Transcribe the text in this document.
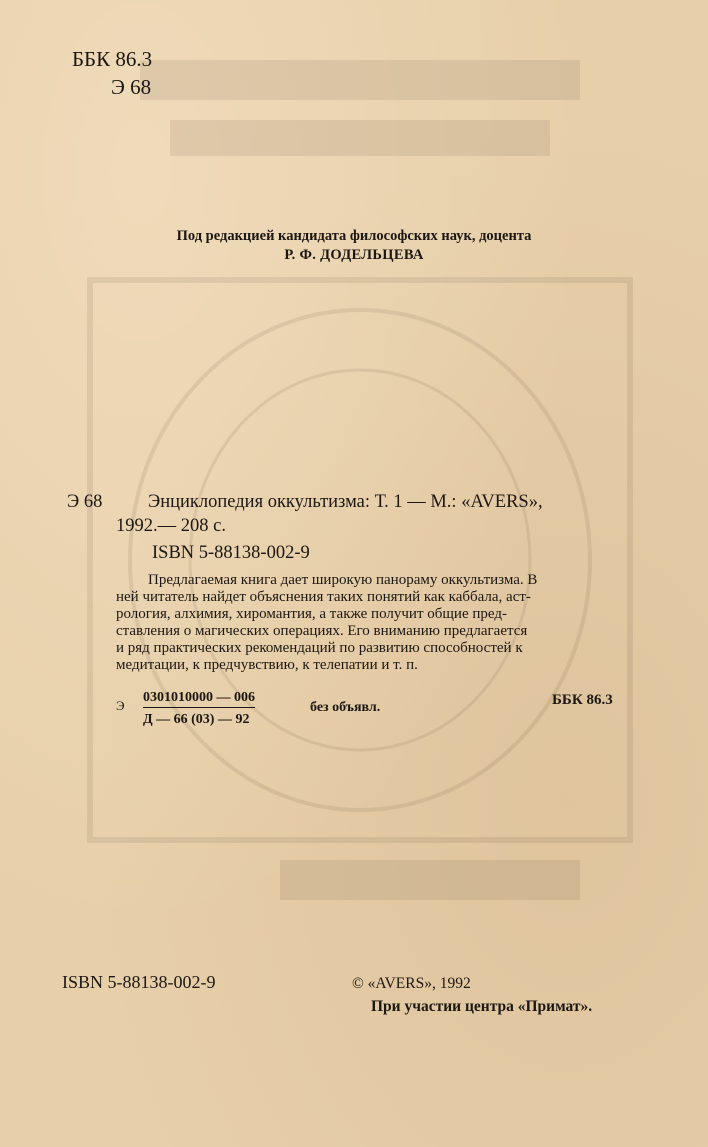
ББК 86.3
Э 68
Под редакцией кандидата философских наук, доцента
Р. Ф. ДОДЕЛЬЦЕВА
Э 68 Энциклопедия оккультизма: Т. 1 — М.: «AVERS»,
1992.— 208 с.
ISBN 5-88138-002-9
Предлагаемая книга дает широкую панораму оккультизма. В
ней читатель найдет объяснения таких понятий как каббала, аст-
рология, алхимия, хиромантия, а также получит общие пред-
ставления о магических операциях. Его вниманию предлагается
и ряд практических рекомендаций по развитию способностей к
медитации, к предчувствию, к телепатии и т. п.
Э
0301010000 — 006
Д — 66 (03) — 92
без объявл.	ББК 86.3
ISBN 5-88138-002-9	© «AVERS», 1992
При участии центра «Примат».
